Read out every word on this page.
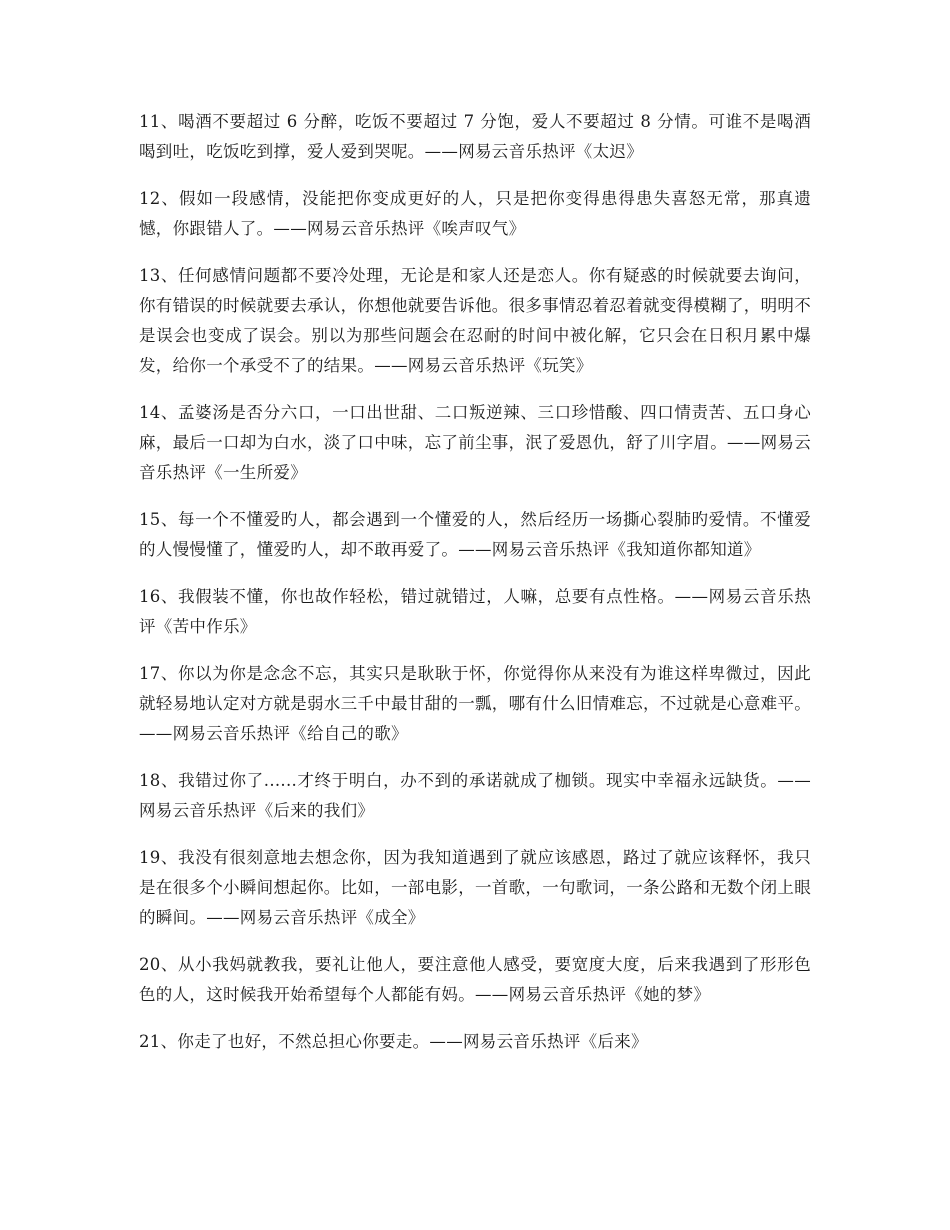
11、喝酒不要超过 6 分醉，吃饭不要超过 7 分饱，爱人不要超过 8 分情。可谁不是喝酒喝到吐，吃饭吃到撑，爱人爱到哭呢。——网易云音乐热评《太迟》

12、假如一段感情，没能把你变成更好的人，只是把你变得患得患失喜怒无常，那真遗憾，你跟错人了。——网易云音乐热评《唉声叹气》

13、任何感情问题都不要冷处理，无论是和家人还是恋人。你有疑惑的时候就要去询问，你有错误的时候就要去承认，你想他就要告诉他。很多事情忍着忍着就变得模糊了，明明不是误会也变成了误会。别以为那些问题会在忍耐的时间中被化解，它只会在日积月累中爆发，给你一个承受不了的结果。——网易云音乐热评《玩笑》

14、孟婆汤是否分六口，一口出世甜、二口叛逆辣、三口珍惜酸、四口情责苦、五口身心麻，最后一口却为白水，淡了口中味，忘了前尘事，泯了爱恩仇，舒了川字眉。——网易云音乐热评《一生所爱》

15、每一个不懂爱旳人，都会遇到一个懂爱的人，然后经历一场撕心裂肺旳爱情。不懂爱的人慢慢懂了，懂爱旳人，却不敢再爱了。——网易云音乐热评《我知道你都知道》

16、我假装不懂，你也故作轻松，错过就错过，人嘛，总要有点性格。——网易云音乐热评《苦中作乐》

17、你以为你是念念不忘，其实只是耿耿于怀，你觉得你从来没有为谁这样卑微过，因此就轻易地认定对方就是弱水三千中最甘甜的一瓢，哪有什么旧情难忘，不过就是心意难平。——网易云音乐热评《给自己的歌》

18、我错过你了......才终于明白，办不到的承诺就成了枷锁。现实中幸福永远缺货。——网易云音乐热评《后来的我们》

19、我没有很刻意地去想念你，因为我知道遇到了就应该感恩，路过了就应该释怀，我只是在很多个小瞬间想起你。比如，一部电影，一首歌，一句歌词，一条公路和无数个闭上眼的瞬间。——网易云音乐热评《成全》

20、从小我妈就教我，要礼让他人，要注意他人感受，要宽度大度，后来我遇到了形形色色的人，这时候我开始希望每个人都能有妈。——网易云音乐热评《她的梦》

21、你走了也好，不然总担心你要走。——网易云音乐热评《后来》
